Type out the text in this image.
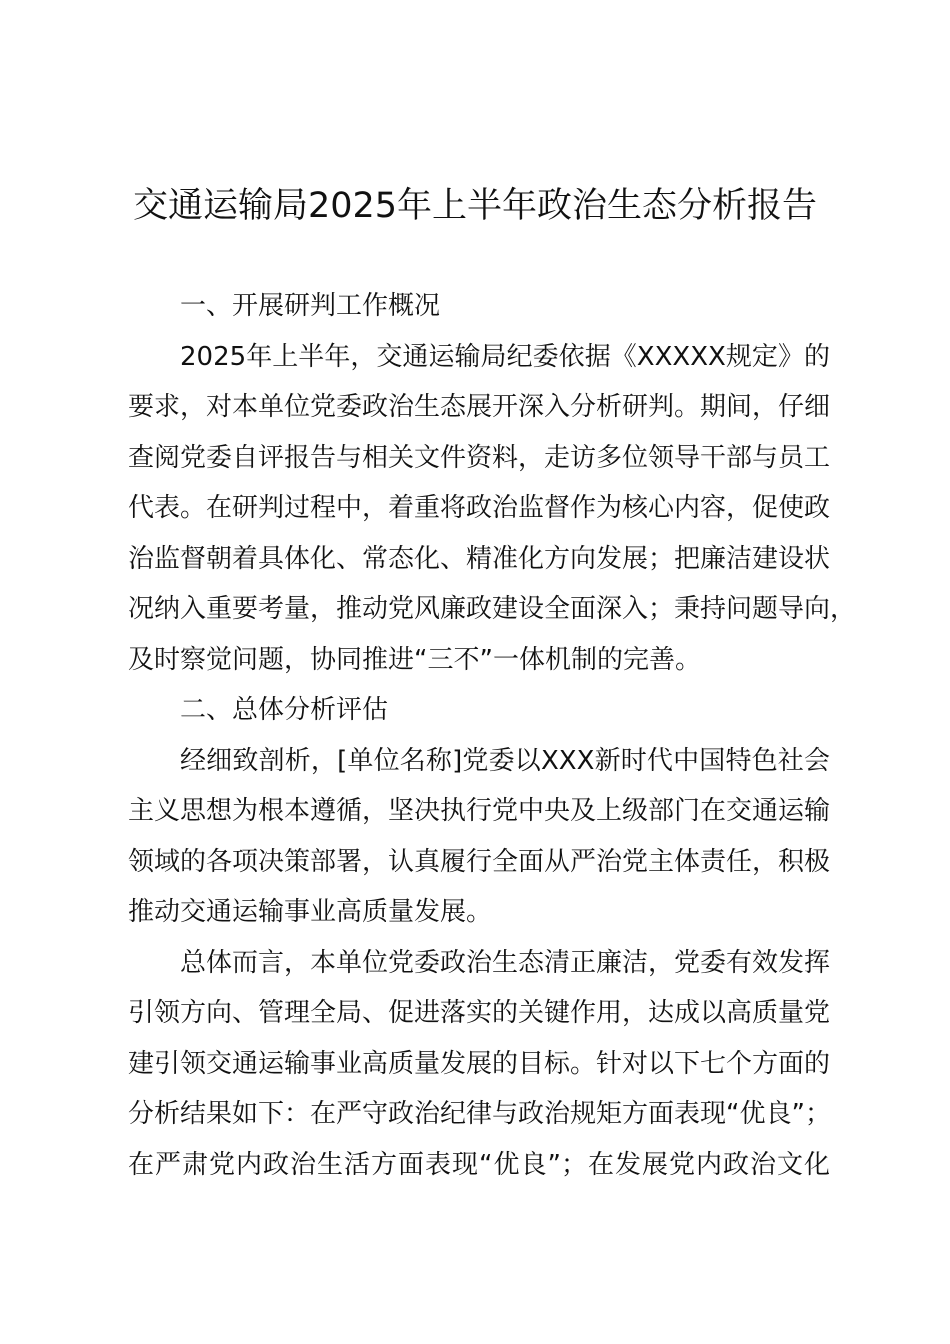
交通运输局2025年上半年政治生态分析报告
一、开展研判工作概况
2025年上半年，交通运输局纪委依据《XXXXX规定》的
要求，对本单位党委政治生态展开深入分析研判。期间，仔细
查阅党委自评报告与相关文件资料，走访多位领导干部与员工
代表。在研判过程中，着重将政治监督作为核心内容，促使政
治监督朝着具体化、常态化、精准化方向发展；把廉洁建设状
况纳入重要考量，推动党风廉政建设全面深入；秉持问题导向，
及时察觉问题，协同推进“三不”一体机制的完善。
二、总体分析评估
经细致剖析，[单位名称]党委以XXX新时代中国特色社会
主义思想为根本遵循，坚决执行党中央及上级部门在交通运输
领域的各项决策部署，认真履行全面从严治党主体责任，积极
推动交通运输事业高质量发展。
总体而言，本单位党委政治生态清正廉洁，党委有效发挥
引领方向、管理全局、促进落实的关键作用，达成以高质量党
建引领交通运输事业高质量发展的目标。针对以下七个方面的
分析结果如下：在严守政治纪律与政治规矩方面表现“优良”；
在严肃党内政治生活方面表现“优良”；在发展党内政治文化
